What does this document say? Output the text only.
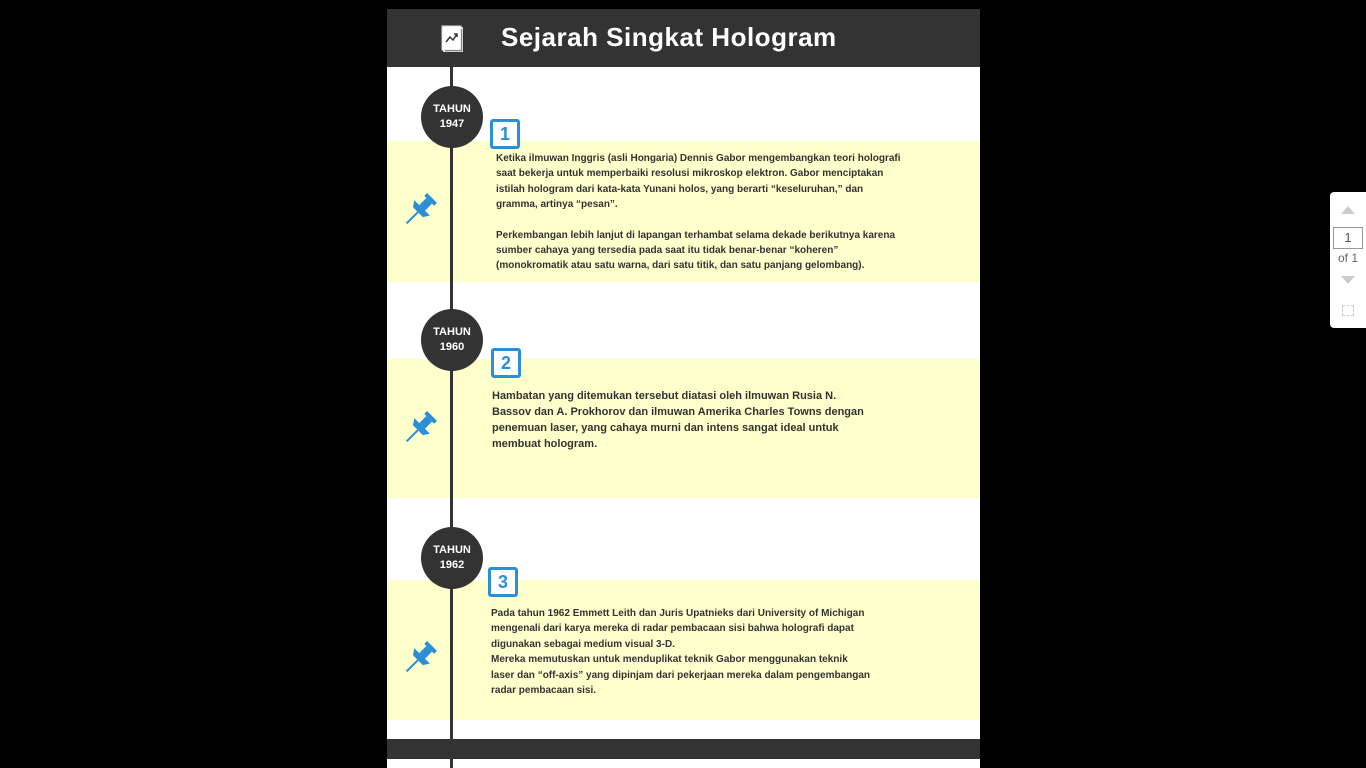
Sejarah Singkat Hologram
TAHUN
1947	1

Ketika ilmuwan Inggris (asli Hongaria) Dennis Gabor mengembangkan teori holografi
saat bekerja untuk memperbaiki resolusi mikroskop elektron. Gabor menciptakan
istilah hologram dari kata-kata Yunani holos, yang berarti “keseluruhan,” dan
gramma, artinya “pesan”.

Perkembangan lebih lanjut di lapangan terhambat selama dekade berikutnya karena
sumber cahaya yang tersedia pada saat itu tidak benar-benar “koheren”
(monokromatik atau satu warna, dari satu titik, dan satu panjang gelombang).

TAHUN
1960
2

Hambatan yang ditemukan tersebut diatasi oleh ilmuwan Rusia N.
Bassov dan A. Prokhorov dan ilmuwan Amerika Charles Towns dengan
penemuan laser, yang cahaya murni dan intens sangat ideal untuk
membuat hologram.

TAHUN
1962
3

Pada tahun 1962 Emmett Leith dan Juris Upatnieks dari University of Michigan
mengenali dari karya mereka di radar pembacaan sisi bahwa holografi dapat
digunakan sebagai medium visual 3-D.

Mereka memutuskan untuk menduplikat teknik Gabor menggunakan teknik
laser dan “off-axis” yang dipinjam dari pekerjaan mereka dalam pengembangan
radar pembacaan sisi.

1
of 1
